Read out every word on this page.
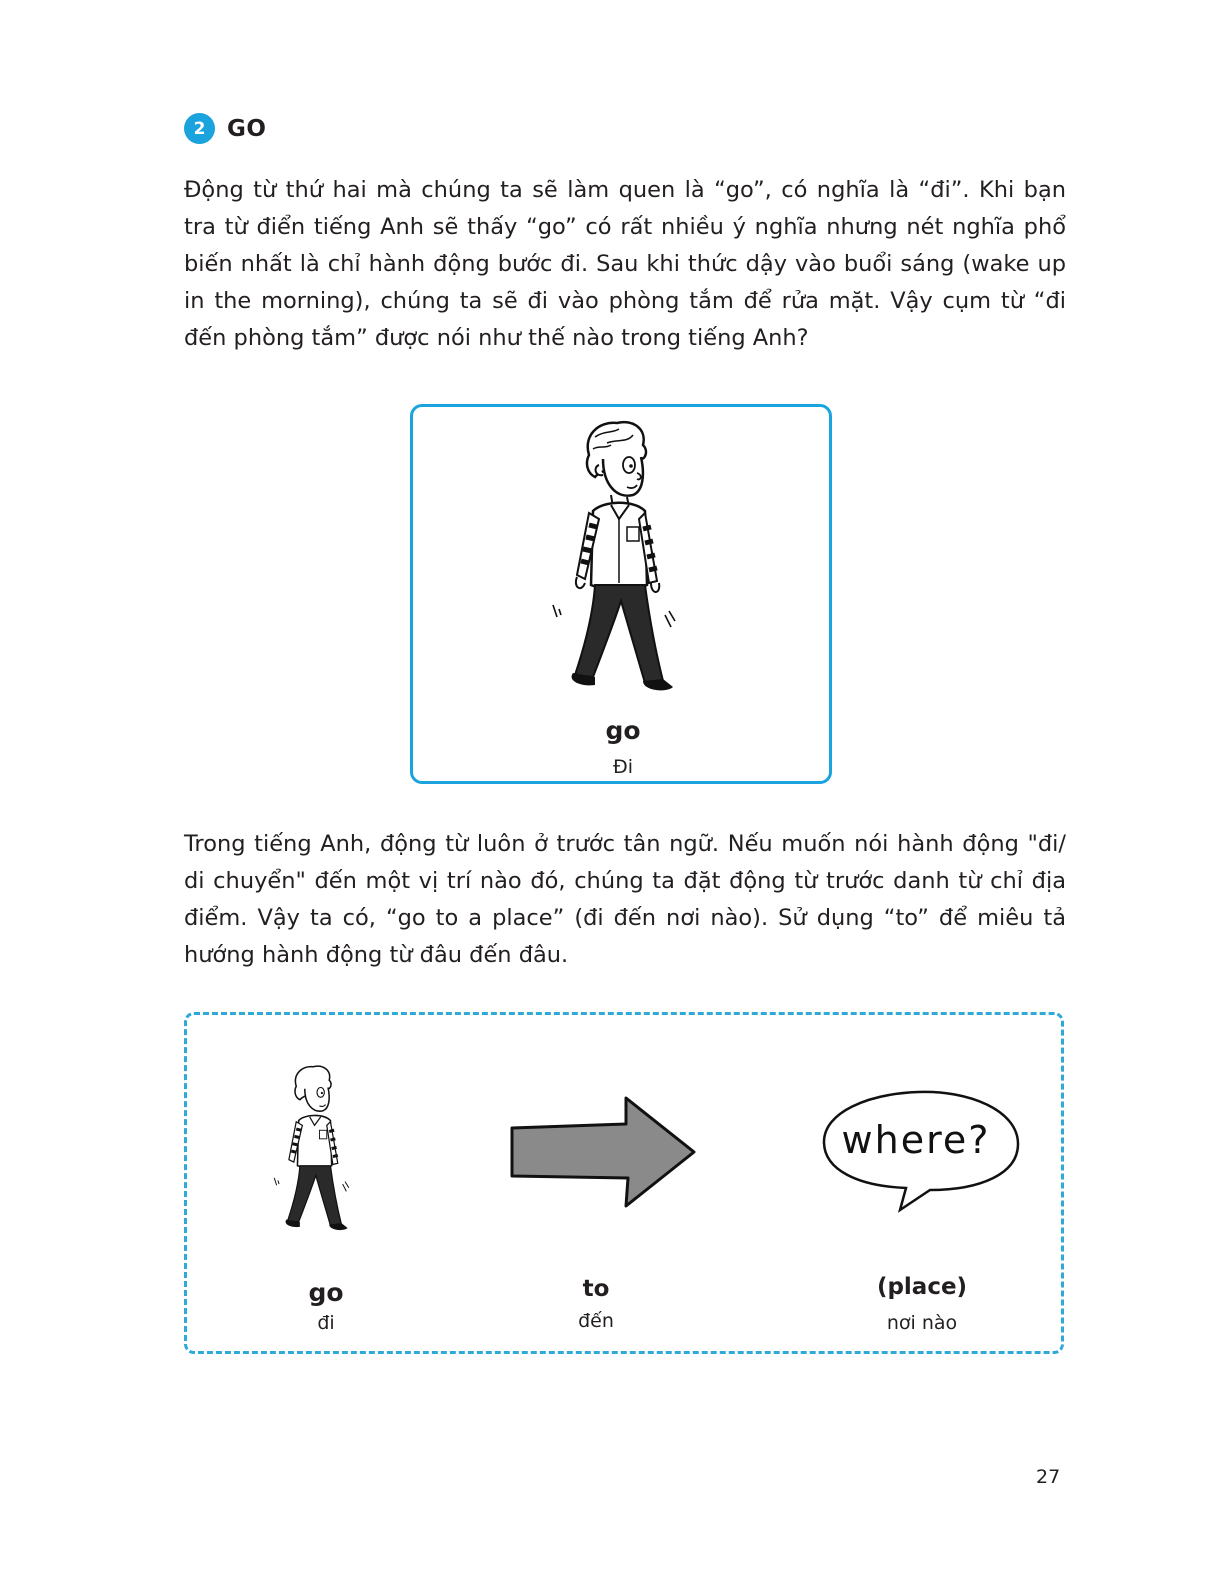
2 GO

Động từ thứ hai mà chúng ta sẽ làm quen là “go”, có nghĩa là “đi”. Khi bạn tra từ điển tiếng Anh sẽ thấy “go” có rất nhiều ý nghĩa nhưng nét nghĩa phổ biến nhất là chỉ hành động bước đi. Sau khi thức dậy vào buổi sáng (wake up in the morning), chúng ta sẽ đi vào phòng tắm để rửa mặt. Vậy cụm từ “đi đến phòng tắm” được nói như thế nào trong tiếng Anh?

go
Đi

Trong tiếng Anh, động từ luôn ở trước tân ngữ. Nếu muốn nói hành động "đi/ di chuyển" đến một vị trí nào đó, chúng ta đặt động từ trước danh từ chỉ địa điểm. Vậy ta có, “go to a place” (đi đến nơi nào). Sử dụng “to” để miêu tả hướng hành động từ đâu đến đâu.

where?
go
đi
to
đến
(place)
nơi nào
27
